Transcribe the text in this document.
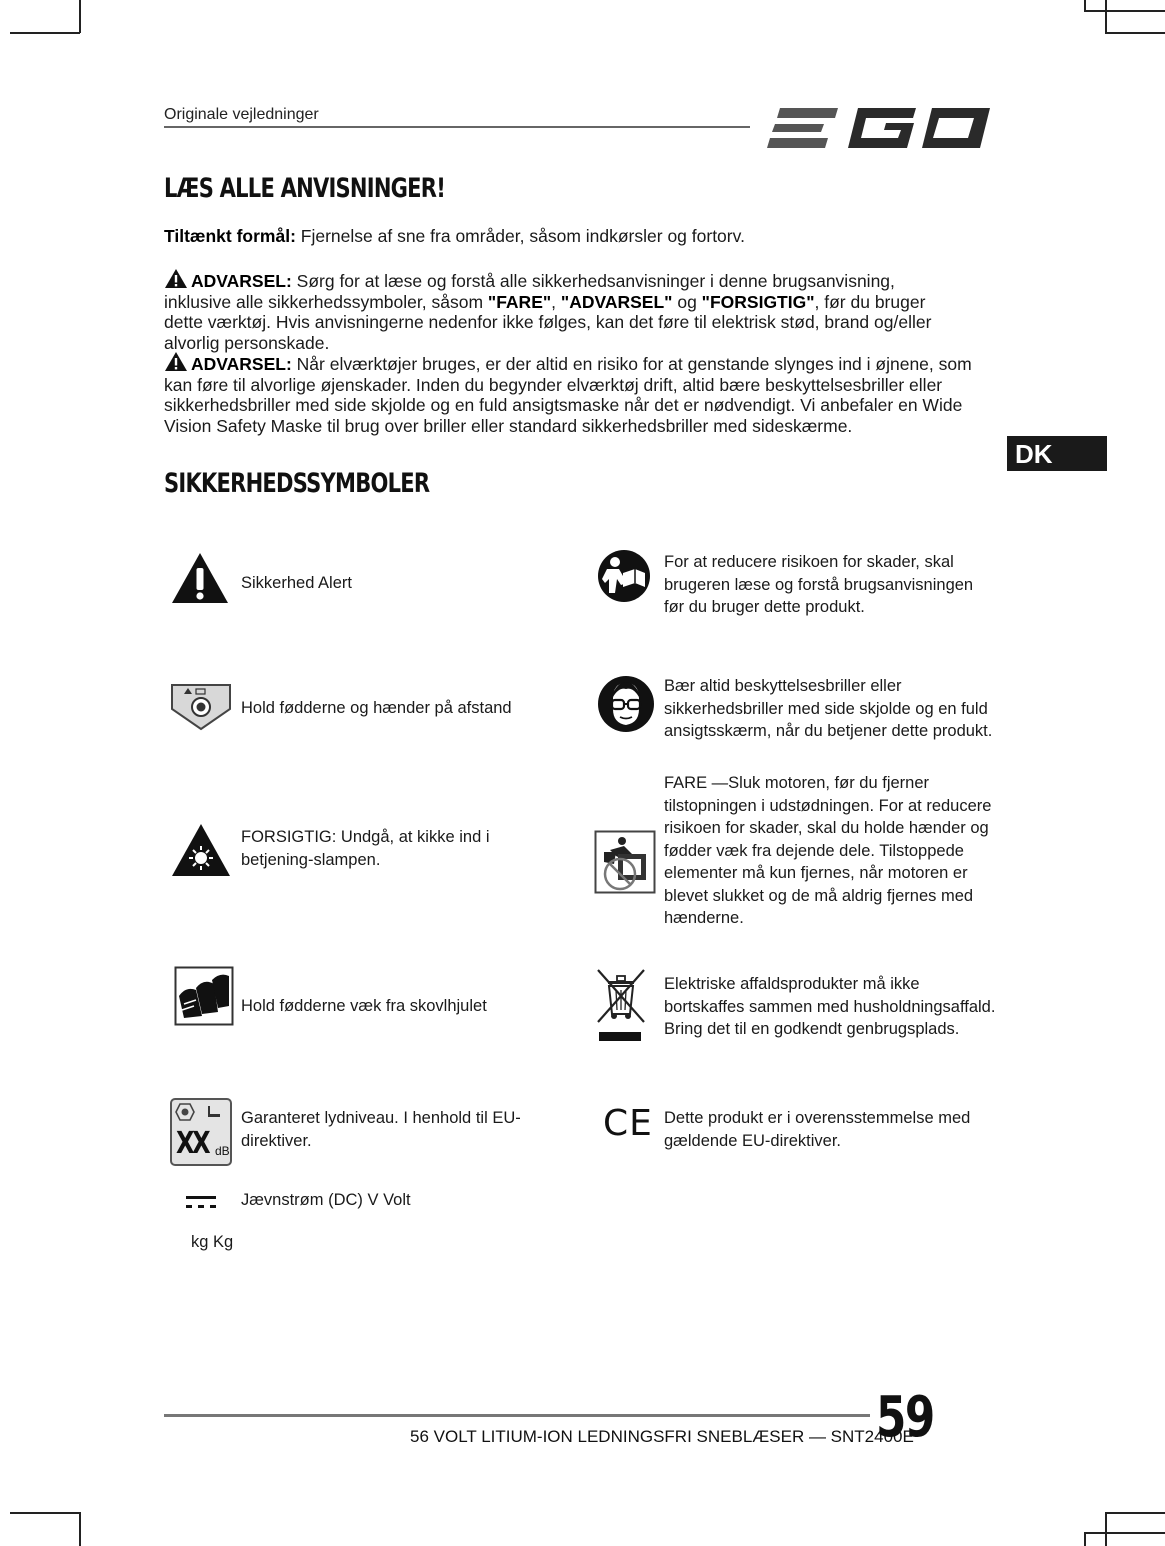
Originale vejledninger
LÆS ALLE ANVISNINGER!
Tiltænkt formål: Fjernelse af sne fra områder, såsom indkørsler og fortorv.
ADVARSEL: Sørg for at læse og forstå alle sikkerhedsanvisninger i denne brugsanvisning, inklusive alle sikkerhedssymboler, såsom "FARE", "ADVARSEL" og "FORSIGTIG", før du bruger dette værktøj. Hvis anvisningerne nedenfor ikke følges, kan det føre til elektrisk stød, brand og/eller alvorlig personskade.
ADVARSEL: Når elværktøjer bruges, er der altid en risiko for at genstande slynges ind i øjnene, som kan føre til alvorlige øjenskader. Inden du begynder elværktøj drift, altid bære beskyttelsesbriller eller sikkerhedsbriller med side skjolde og en fuld ansigtsmaske når det er nødvendigt. Vi anbefaler en Wide Vision Safety Maske til brug over briller eller standard sikkerhedsbriller med sideskærme.
DK
SIKKERHEDSSYMBOLER
Sikkerhed Alert
Hold fødderne og hænder på afstand
FORSIGTIG: Undgå, at kikke ind i betjening-slampen.
Hold fødderne væk fra skovlhjulet
XX dB
Garanteret lydniveau. I henhold til EU-direktiver.
Jævnstrøm (DC) V Volt
kg Kg
For at reducere risikoen for skader, skal brugeren læse og forstå brugsanvisningen før du bruger dette produkt.
Bær altid beskyttelsesbriller eller sikkerhedsbriller med side skjolde og en fuld ansigtsskærm, når du betjener dette produkt.
FARE —Sluk motoren, før du fjerner tilstopningen i udstødningen. For at reducere risikoen for skader, skal du holde hænder og fødder væk fra dejende dele. Tilstoppede elementer må kun fjernes, når motoren er blevet slukket og de må aldrig fjernes med hænderne.
Elektriske affaldsprodukter må ikke bortskaffes sammen med husholdningsaffald. Bring det til en godkendt genbrugsplads.
CE Dette produkt er i overensstemmelse med gældende EU-direktiver.
56 VOLT LITIUM-ION LEDNINGSFRI SNEBLÆSER — SNT2400E
59
